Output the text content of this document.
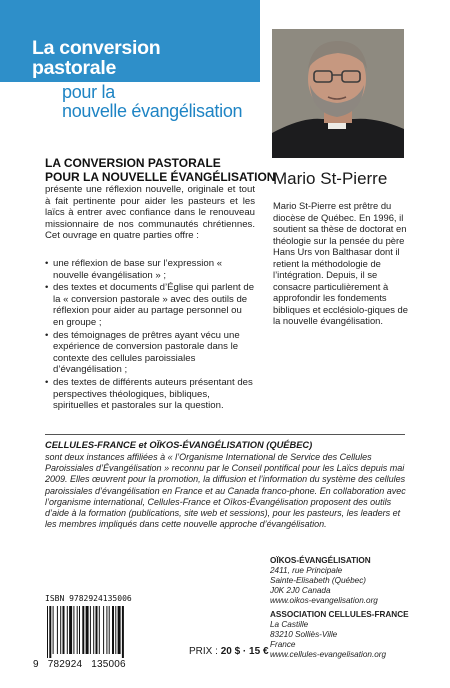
La conversion
pastorale
pour la
nouvelle évangélisation
LA CONVERSION PASTORALE
POUR LA NOUVELLE ÉVANGÉLISATION
présente une réflexion nouvelle, originale et tout à fait pertinente pour aider les pasteurs et les laïcs à entrer avec confiance dans le renouveau missionnaire de nos communautés chrétiennes. Cet ouvrage en quatre parties offre :
• une réflexion de base sur l’expression « nouvelle évangélisation » ;
• des textes et documents d’Église qui parlent de la « conversion pastorale » avec des outils de réflexion pour aider au partage personnel ou en groupe ;
• des témoignages de prêtres ayant vécu une expérience de conversion pastorale dans le contexte des cellules paroissiales d’évangélisation ;
• des textes de différents auteurs présentant des perspectives théologiques, bibliques, spirituelles et pastorales sur la question.
Mario St-Pierre
Mario St-Pierre est prêtre du diocèse de Québec. En 1996, il soutient sa thèse de doctorat en théologie sur la pensée du père Hans Urs von Balthasar dont il retient la méthodologie de l’intégration. Depuis, il se consacre particulièrement à approfondir les fondements bibliques et ecclésiolo-giques de la nouvelle évangélisation.
CELLULES-FRANCE et OÏKOS-ÉVANGÉLISATION (QUÉBEC)
sont deux instances affiliées à « l’Organisme International de Service des Cellules Paroissiales d’Évangélisation » reconnu par le Conseil pontifical pour les Laïcs depuis mai 2009. Elles œuvrent pour la promotion, la diffusion et l’information du système des cellules paroissiales d’évangélisation en France et au Canada franco-phone. En collaboration avec l’organisme international, Cellules-France et Oïkos-Évangélisation proposent des outils d’aide à la formation (publications, site web et sessions), pour les pasteurs, les leaders et les membres impliqués dans cette nouvelle approche d’évangélisation.
OÏKOS-ÉVANGÉLISATION
2411, rue Principale
Sainte-Elisabeth (Québec)
J0K 2J0 Canada
www.oikos-evangelisation.org
ASSOCIATION CELLULES-FRANCE
La Castille
83210 Solliès-Ville
France
www.cellules-evangelisation.org
ISBN 9782924135006
9   782924   135006
PRIX : 20 $ · 15 €
